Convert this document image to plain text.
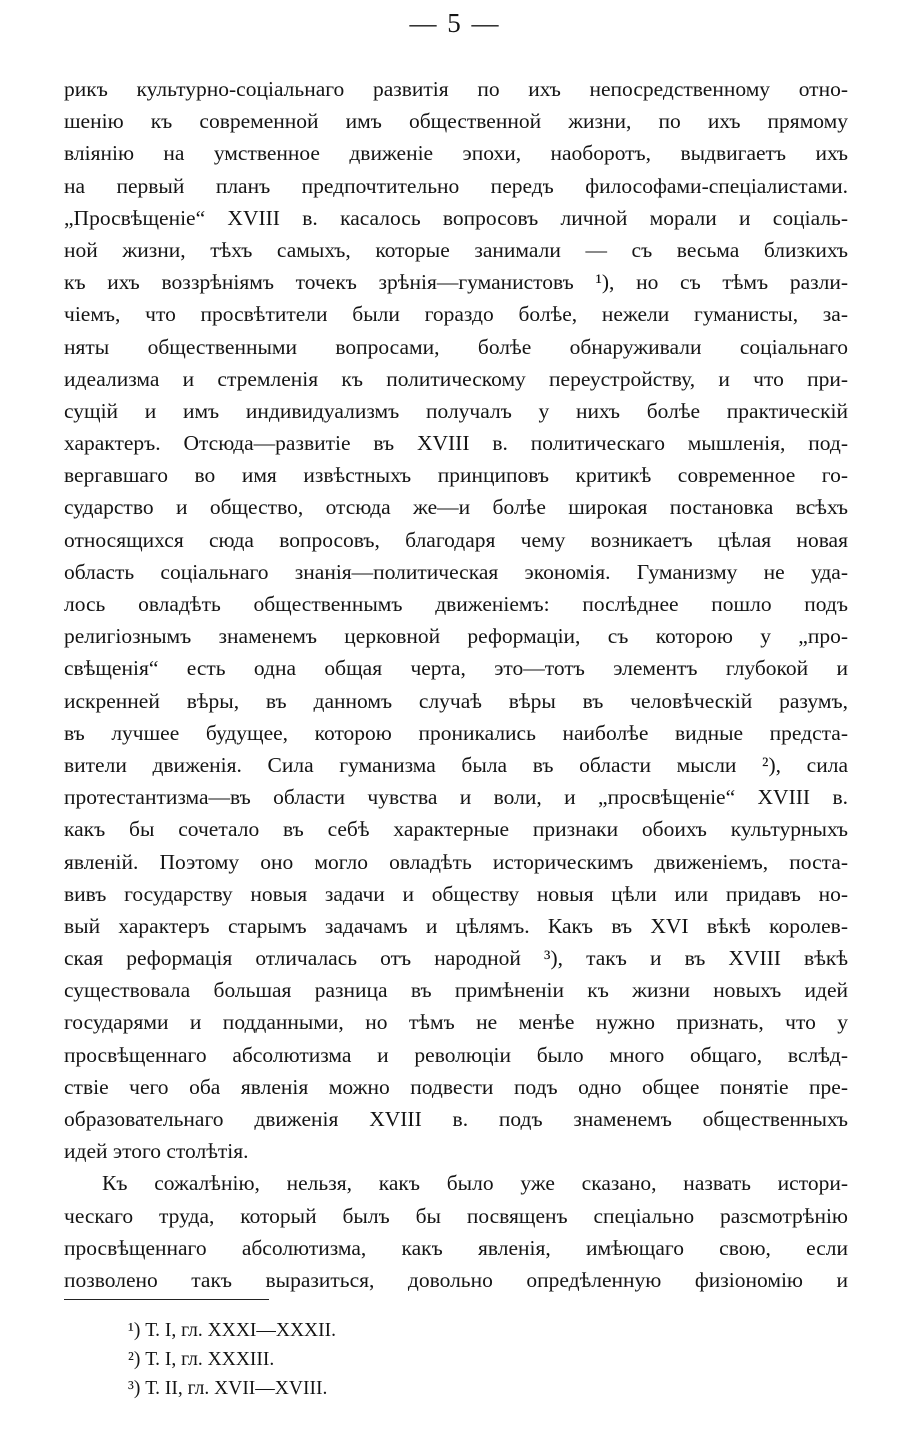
— 5 —
рикъ культурно-соціальнаго развитія по ихъ непосредственному отно-
шенію къ современной имъ общественной жизни, по ихъ прямому
вліянію на умственное движеніе эпохи, наоборотъ, выдвигаетъ ихъ
на первый планъ предпочтительно передъ философами-спеціалистами.
„Просвѣщеніе“ XVIII в. касалось вопросовъ личной морали и соціаль-
ной жизни, тѣхъ самыхъ, которые занимали — съ весьма близкихъ
къ ихъ воззрѣніямъ точекъ зрѣнія—гуманистовъ ¹), но съ тѣмъ разли-
чіемъ, что просвѣтители были гораздо болѣе, нежели гуманисты, за-
няты общественными вопросами, болѣе обнаруживали соціальнаго
идеализма и стремленія къ политическому переустройству, и что при-
сущій и имъ индивидуализмъ получалъ у нихъ болѣе практическій
характеръ. Отсюда—развитіе въ XVIII в. политическаго мышленія, под-
вергавшаго во имя извѣстныхъ принциповъ критикѣ современное го-
сударство и общество, отсюда же—и болѣе широкая постановка всѣхъ
относящихся сюда вопросовъ, благодаря чему возникаетъ цѣлая новая
область соціальнаго знанія—политическая экономія. Гуманизму не уда-
лось овладѣть общественнымъ движеніемъ: послѣднее пошло подъ
религіознымъ знаменемъ церковной реформаціи, съ которою у „про-
свѣщенія“ есть одна общая черта, это—тотъ элементъ глубокой и
искренней вѣры, въ данномъ случаѣ вѣры въ человѣческій разумъ,
въ лучшее будущее, которою проникались наиболѣе видные предста-
вители движенія. Сила гуманизма была въ области мысли ²), сила
протестантизма—въ области чувства и воли, и „просвѣщеніе“ XVIII в.
какъ бы сочетало въ себѣ характерные признаки обоихъ культурныхъ
явленій. Поэтому оно могло овладѣть историческимъ движеніемъ, поста-
вивъ государству новыя задачи и обществу новыя цѣли или придавъ но-
вый характеръ старымъ задачамъ и цѣлямъ. Какъ въ XVI вѣкѣ королев-
ская реформація отличалась отъ народной ³), такъ и въ XVIII вѣкѣ
существовала большая разница въ примѣненіи къ жизни новыхъ идей
государями и подданными, но тѣмъ не менѣе нужно признать, что у
просвѣщеннаго абсолютизма и революціи было много общаго, вслѣд-
ствіе чего оба явленія можно подвести подъ одно общее понятіе пре-
образовательнаго движенія XVIII в. подъ знаменемъ общественныхъ
идей этого столѣтія.
Къ сожалѣнію, нельзя, какъ было уже сказано, назвать истори-
ческаго труда, который былъ бы посвященъ спеціально разсмотрѣнію
просвѣщеннаго абсолютизма, какъ явленія, имѣющаго свою, если
позволено такъ выразиться, довольно опредѣленную физіономію и
¹) Т. I, гл. XXXI—XXXII.
²) Т. I, гл. XXXIII.
³) Т. II, гл. XVII—XVIII.
